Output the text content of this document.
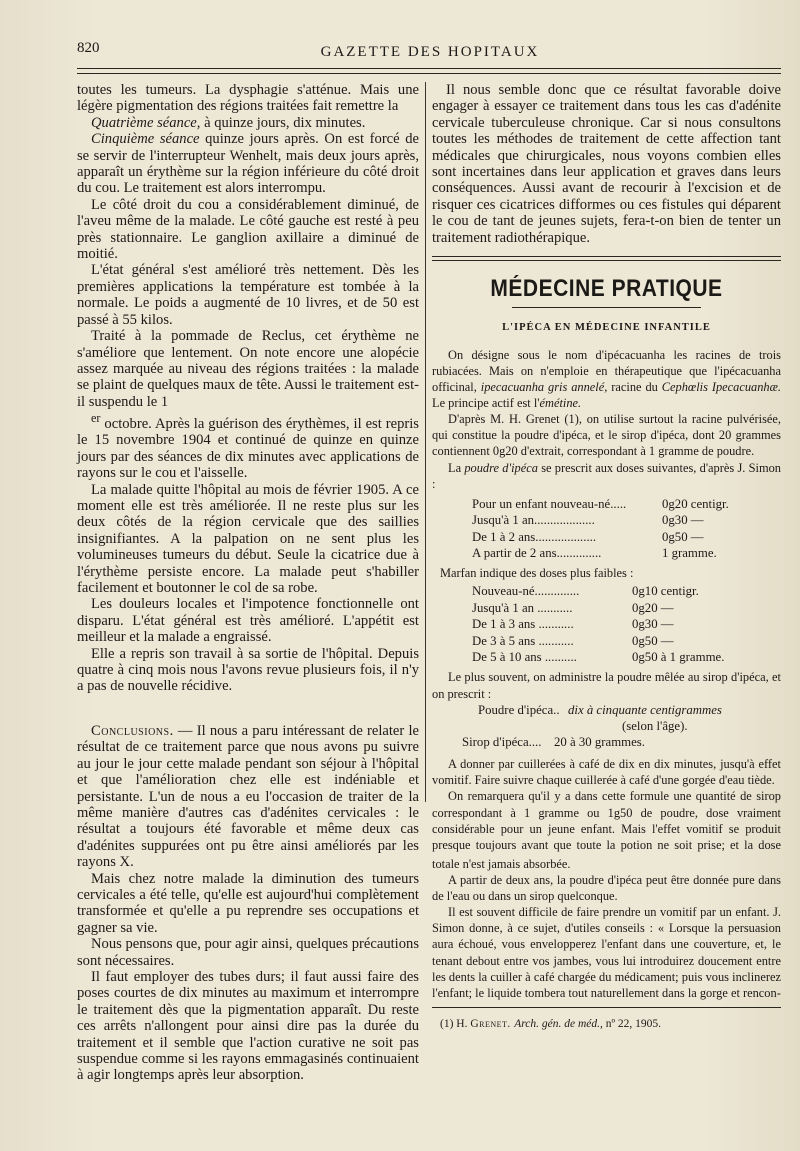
820	GAZETTE DES HOPITAUX

toutes les tumeurs. La dysphagie s'atténue. Mais une légère pigmentation des régions traitées fait remettre la

Quatrième séance, à quinze jours, dix minutes.

Cinquième séance quinze jours après. On est forcé de se servir de l'interrupteur Wenhelt, mais deux jours après, apparaît un érythème sur la région inférieure du côté droit du cou. Le traitement est alors interrompu.

Le côté droit du cou a considérablement diminué, de l'aveu même de la malade. Le côté gauche est resté à peu près stationnaire. Le ganglion axillaire a diminué de moitié.

L'état général s'est amélioré très nettement. Dès les premières applications la température est tombée à la normale. Le poids a augmenté de 10 livres, et de 50 est passé à 55 kilos.

Traité à la pommade de Reclus, cet érythème ne s'améliore que lentement. On note encore une alopécie assez marquée au niveau des régions traitées : la malade se plaint de quelques maux de tête. Aussi le traitement est-il suspendu le 1

$^{er}$ octobre. Après la guérison des érythèmes, il est repris le 15 novembre 1904 et continué de quinze en quinze jours par des séances de dix minutes avec applications de rayons sur le cou et l'aisselle.

La malade quitte l'hôpital au mois de février 1905. A ce moment elle est très améliorée. Il ne reste plus sur les deux côtés de la région cervicale que des saillies insignifiantes. A la palpation on ne sent plus les volumineuses tumeurs du début. Seule la cicatrice due à l'érythème persiste encore. La malade peut s'habiller facilement et boutonner le col de sa robe.

Les douleurs locales et l'impotence fonctionnelle ont disparu. L'état général est très amélioré. L'appétit est meilleur et la malade a engraissé.

Elle a repris son travail à sa sortie de l'hôpital. Depuis quatre à cinq mois nous l'avons revue plusieurs fois, il n'y a pas de nouvelle récidive.

Conclusions. — Il nous a paru intéressant de relater le résultat de ce traitement parce que nous avons pu suivre au jour le jour cette malade pendant son séjour à l'hôpital et que l'amélioration chez elle est indéniable et persistante. L'un de nous a eu l'occasion de traiter de la même manière d'autres cas d'adénites cervicales : le résultat a toujours été favorable et même deux cas d'adénites suppurées ont pu être ainsi améliorés par les rayons X.

Mais chez notre malade la diminution des tumeurs cervicales a été telle, qu'elle est aujourd'hui complètement transformée et qu'elle a pu reprendre ses occupations et gagner sa vie.

Nous pensons que, pour agir ainsi, quelques précautions sont nécessaires.

Il faut employer des tubes durs; il faut aussi faire des poses courtes de dix minutes au maximum et interrompre le traitement dès que la pigmentation apparaît. Du reste ces arrêts n'allongent pour ainsi dire pas la durée du traitement et il semble que l'action curative ne soit pas suspendue comme si les rayons emmagasinés continuaient à agir longtemps après leur absorption.

Il nous semble donc que ce résultat favorable doive engager à essayer ce traitement dans tous les cas d'adénite cervicale tuberculeuse chronique. Car si nous consultons toutes les méthodes de traitement de cette affection tant médicales que chirurgicales, nous voyons combien elles sont incertaines dans leur application et graves dans leurs conséquences. Aussi avant de recourir à l'excision et de risquer ces cicatrices difformes ou ces fistules qui déparent le cou de tant de jeunes sujets, fera-t-on bien de tenter un traitement radiothérapique.

MÉDECINE PRATIQUE
L'IPÉCA EN MÉDECINE INFANTILE

On désigne sous le nom d'ipécacuanha les racines de trois rubiacées. Mais on n'emploie en thérapeutique que l'ipécacuanha officinal, ipecacuanha gris annelé, racine du Cephœlis Ipecacuanhæ. Le principe actif est l'émétine.

D'après M. H. Grenet (1), on utilise surtout la racine pulvérisée, qui constitue la poudre d'ipéca, et le sirop d'ipéca, dont 20 grammes contiennent 0g20 d'extrait, correspondant à 1 gramme de poudre.

La poudre d'ipéca se prescrit aux doses suivantes, d'après J. Simon :

Pour un enfant nouveau-né.....	0g20 centigr.
Jusqu'à 1 an...................	0g30 —
De 1 à 2 ans...................	0g50 —
A partir de 2 ans..............	1 gramme.

Marfan indique des doses plus faibles :

Nouveau-né..............	0g10 centigr.
Jusqu'à 1 an ...........	0g20 —
De 1 à 3 ans ...........	0g30 —
De 3 à 5 ans ...........	0g50 —
De 5 à 10 ans ..........	0g50 à 1 gramme.

Le plus souvent, on administre la poudre mêlée au sirop d'ipéca, et on prescrit :

Poudre d'ipéca.. dix à cinquante centigrammes
(selon l'âge).
Sirop d'ipéca.... 20 à 30 grammes.

A donner par cuillerées à café de dix en dix minutes, jusqu'à effet vomitif. Faire suivre chaque cuillerée à café d'une gorgée d'eau tiède.

On remarquera qu'il y a dans cette formule une quantité de sirop correspondant à 1 gramme ou 1g50 de poudre, dose vraiment considérable pour un jeune enfant. Mais l'effet vomitif se produit presque toujours avant que toute la potion ne soit prise; et la dose totale n'est jamais absorbée.

A partir de deux ans, la poudre d'ipéca peut être donnée pure dans de l'eau ou dans un sirop quelconque.

Il est souvent difficile de faire prendre un vomitif par un enfant. J. Simon donne, à ce sujet, d'utiles conseils : « Lorsque la persuasion aura échoué, vous envelopperez l'enfant dans une couverture, et, le tenant debout entre vos jambes, vous lui introduirez doucement entre les dents la cuiller à café chargée du médicament; puis vous inclinerez l'enfant; le liquide tombera tout naturellement dans la gorge et rencon-

(1) H. Grenet. Arch. gén. de méd., nº 22, 1905.
